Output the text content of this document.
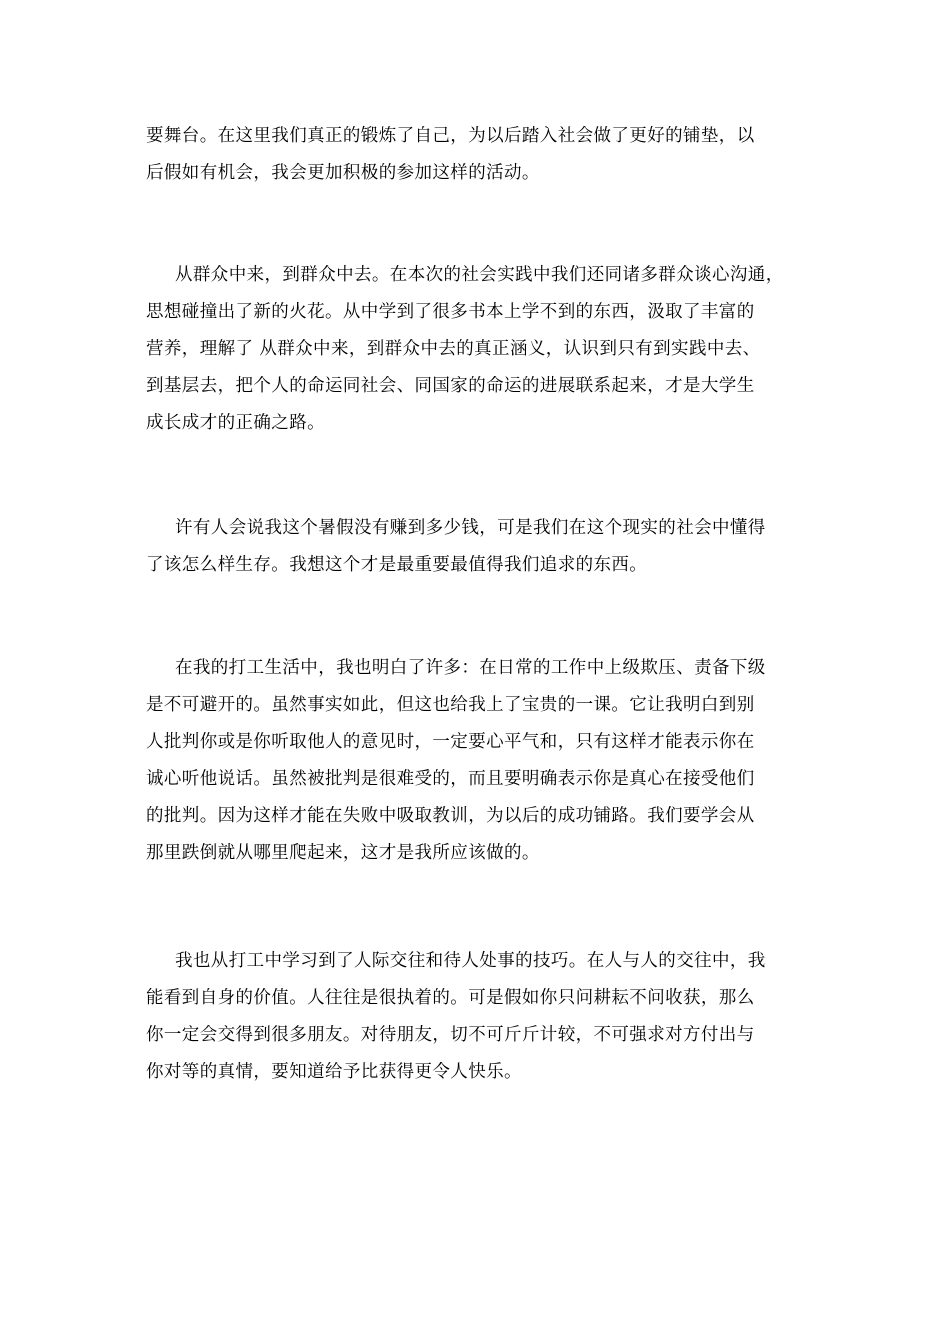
要舞台。在这里我们真正的锻炼了自己，为以后踏入社会做了更好的铺垫，以
后假如有机会，我会更加积极的参加这样的活动。
从群众中来，到群众中去。在本次的社会实践中我们还同诸多群众谈心沟通，
思想碰撞出了新的火花。从中学到了很多书本上学不到的东西，汲取了丰富的
营养，理解了 从群众中来，到群众中去的真正涵义，认识到只有到实践中去、
到基层去，把个人的命运同社会、同国家的命运的进展联系起来，才是大学生
成长成才的正确之路。
许有人会说我这个暑假没有赚到多少钱，可是我们在这个现实的社会中懂得
了该怎么样生存。我想这个才是最重要最值得我们追求的东西。
在我的打工生活中，我也明白了许多：在日常的工作中上级欺压、责备下级
是不可避开的。虽然事实如此，但这也给我上了宝贵的一课。它让我明白到别
人批判你或是你听取他人的意见时，一定要心平气和，只有这样才能表示你在
诚心听他说话。虽然被批判是很难受的，而且要明确表示你是真心在接受他们
的批判。因为这样才能在失败中吸取教训，为以后的成功铺路。我们要学会从
那里跌倒就从哪里爬起来，这才是我所应该做的。
我也从打工中学习到了人际交往和待人处事的技巧。在人与人的交往中，我
能看到自身的价值。人往往是很执着的。可是假如你只问耕耘不问收获，那么
你一定会交得到很多朋友。对待朋友，切不可斤斤计较，不可强求对方付出与
你对等的真情，要知道给予比获得更令人快乐。
